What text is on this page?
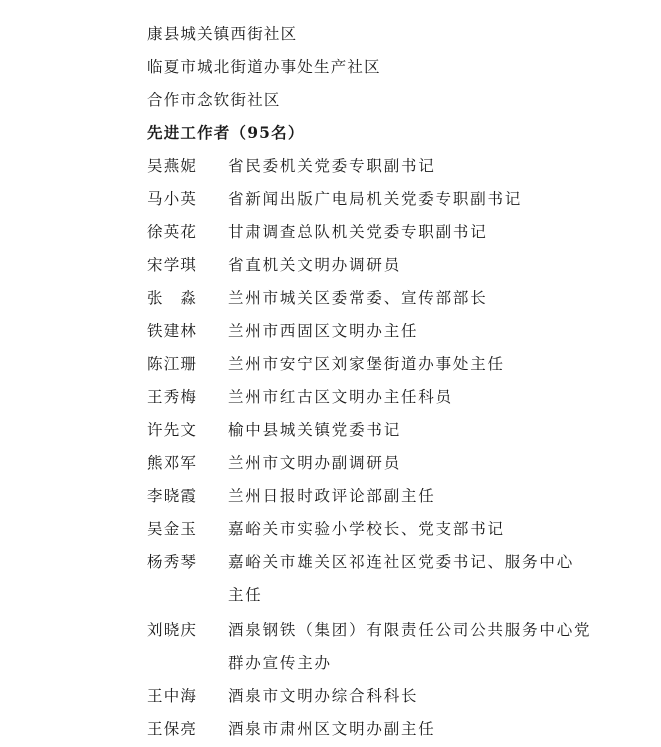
康县城关镇西街社区
临夏市城北街道办事处生产社区
合作市念钦街社区
先进工作者（95名）
吴燕妮 省民委机关党委专职副书记
马小英 省新闻出版广电局机关党委专职副书记
徐英花 甘肃调查总队机关党委专职副书记
宋学琪 省直机关文明办调研员
张　淼 兰州市城关区委常委、宣传部部长
铁建林 兰州市西固区文明办主任
陈江珊 兰州市安宁区刘家堡街道办事处主任
王秀梅 兰州市红古区文明办主任科员
许先文 榆中县城关镇党委书记
熊邓军 兰州市文明办副调研员
李晓霞 兰州日报时政评论部副主任
吴金玉 嘉峪关市实验小学校长、党支部书记
杨秀琴 嘉峪关市雄关区祁连社区党委书记、服务中心
主任
刘晓庆 酒泉钢铁（集团）有限责任公司公共服务中心党
群办宣传主办
王中海 酒泉市文明办综合科科长
王保亮 酒泉市肃州区文明办副主任
